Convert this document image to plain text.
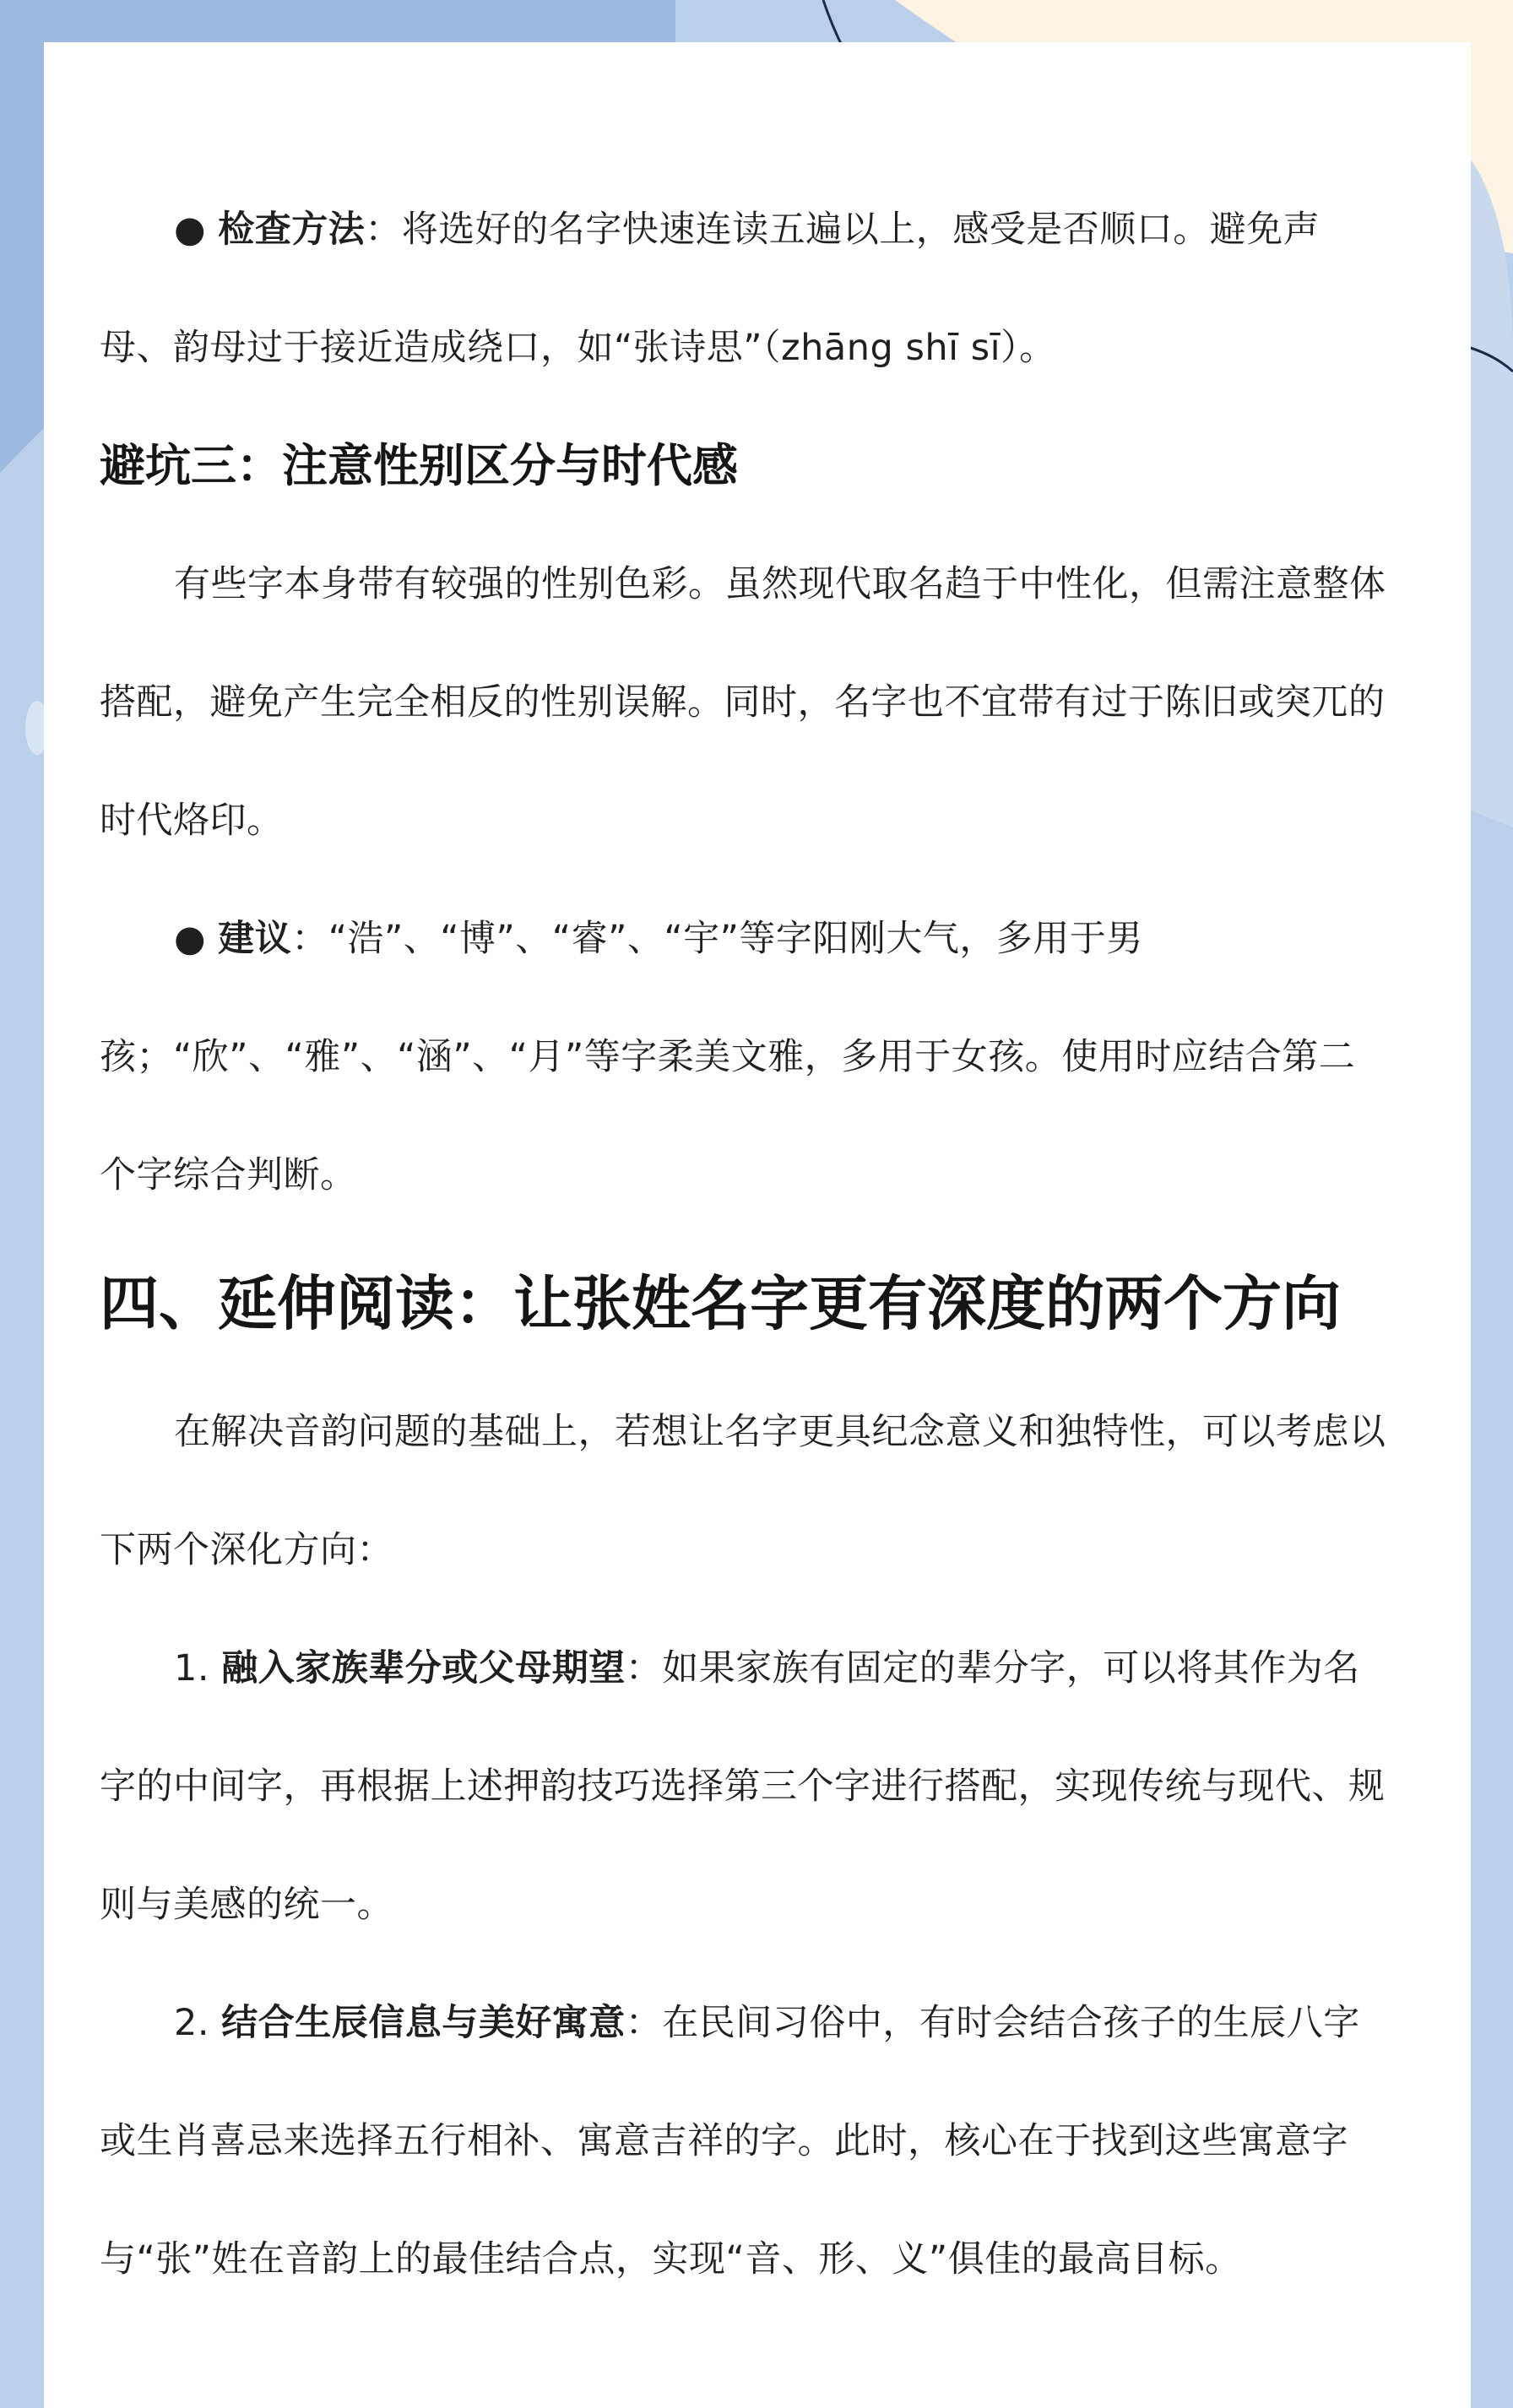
● 检查方法：将选好的名字快速连读五遍以上，感受是否顺口。避免声母、韵母过于接近造成绕口，如“张诗思”（zhāng shī sī）。

避坑三：注意性别区分与时代感

有些字本身带有较强的性别色彩。虽然现代取名趋于中性化，但需注意整体搭配，避免产生完全相反的性别误解。同时，名字也不宜带有过于陈旧或突兀的时代烙印。

● 建议：“浩”、“博”、“睿”、“宇”等字阳刚大气，多用于男孩；“欣”、“雅”、“涵”、“月”等字柔美文雅，多用于女孩。使用时应结合第二个字综合判断。

四、延伸阅读：让张姓名字更有深度的两个方向

在解决音韵问题的基础上，若想让名字更具纪念意义和独特性，可以考虑以下两个深化方向：

1. 融入家族辈分或父母期望：如果家族有固定的辈分字，可以将其作为名字的中间字，再根据上述押韵技巧选择第三个字进行搭配，实现传统与现代、规则与美感的统一。

2. 结合生辰信息与美好寓意：在民间习俗中，有时会结合孩子的生辰八字或生肖喜忌来选择五行相补、寓意吉祥的字。此时，核心在于找到这些寓意字与“张”姓在音韵上的最佳结合点，实现“音、形、义”俱佳的最高目标。
